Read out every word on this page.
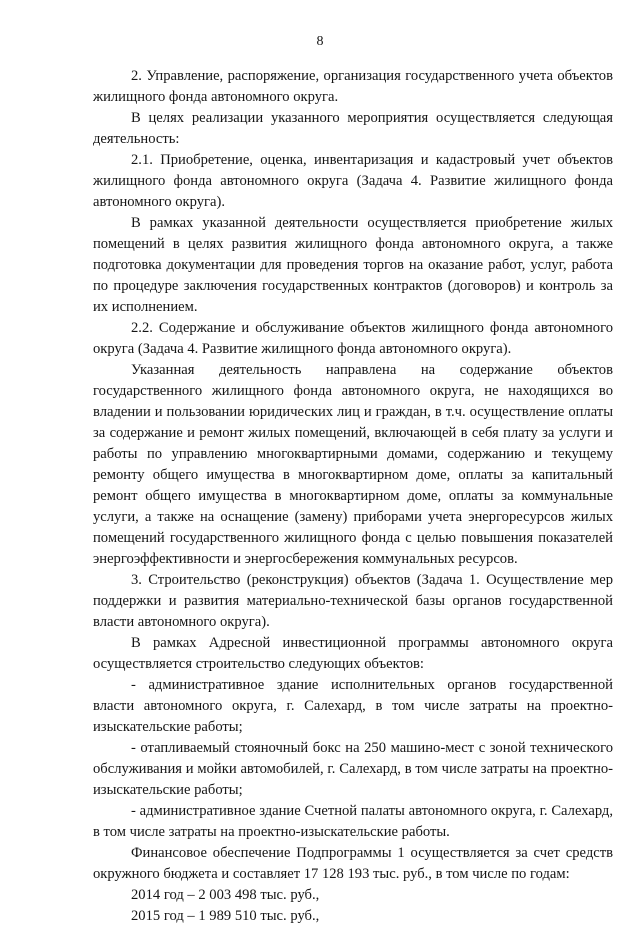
8

2. Управление, распоряжение, организация государственного учета объектов жилищного фонда автономного округа.

В целях реализации указанного мероприятия осуществляется следующая деятельность:

2.1. Приобретение, оценка, инвентаризация и кадастровый учет объектов жилищного фонда автономного округа (Задача 4. Развитие жилищного фонда автономного округа).

В рамках указанной деятельности осуществляется приобретение жилых помещений в целях развития жилищного фонда автономного округа, а также подготовка документации для проведения торгов на оказание работ, услуг, работа по процедуре заключения государственных контрактов (договоров) и контроль за их исполнением.

2.2. Содержание и обслуживание объектов жилищного фонда автономного округа (Задача 4. Развитие жилищного фонда автономного округа).

Указанная деятельность направлена на содержание объектов государственного жилищного фонда автономного округа, не находящихся во владении и пользовании юридических лиц и граждан, в т.ч. осуществление оплаты за содержание и ремонт жилых помещений, включающей в себя плату за услуги и работы по управлению многоквартирными домами, содержанию и текущему ремонту общего имущества в многоквартирном доме, оплаты за капитальный ремонт общего имущества в многоквартирном доме, оплаты за коммунальные услуги, а также на оснащение (замену) приборами учета энергоресурсов жилых помещений государственного жилищного фонда с целью повышения показателей энергоэффективности и энергосбережения коммунальных ресурсов.

3. Строительство (реконструкция) объектов (Задача 1. Осуществление мер поддержки и развития материально-технической базы органов государственной власти автономного округа).

В рамках Адресной инвестиционной программы автономного округа осуществляется строительство следующих объектов:

- административное здание исполнительных органов государственной власти автономного округа, г. Салехард, в том числе затраты на проектно-изыскательские работы;

- отапливаемый стояночный бокс на 250 машино-мест с зоной технического обслуживания и мойки автомобилей, г. Салехард, в том числе затраты на проектно-изыскательские работы;

- административное здание Счетной палаты автономного округа, г. Салехард, в том числе затраты на проектно-изыскательские работы.

Финансовое обеспечение Подпрограммы 1 осуществляется за счет средств окружного бюджета и составляет 17 128 193 тыс. руб., в том числе по годам:

2014 год – 2 003 498 тыс. руб.,

2015 год – 1 989 510 тыс. руб.,
